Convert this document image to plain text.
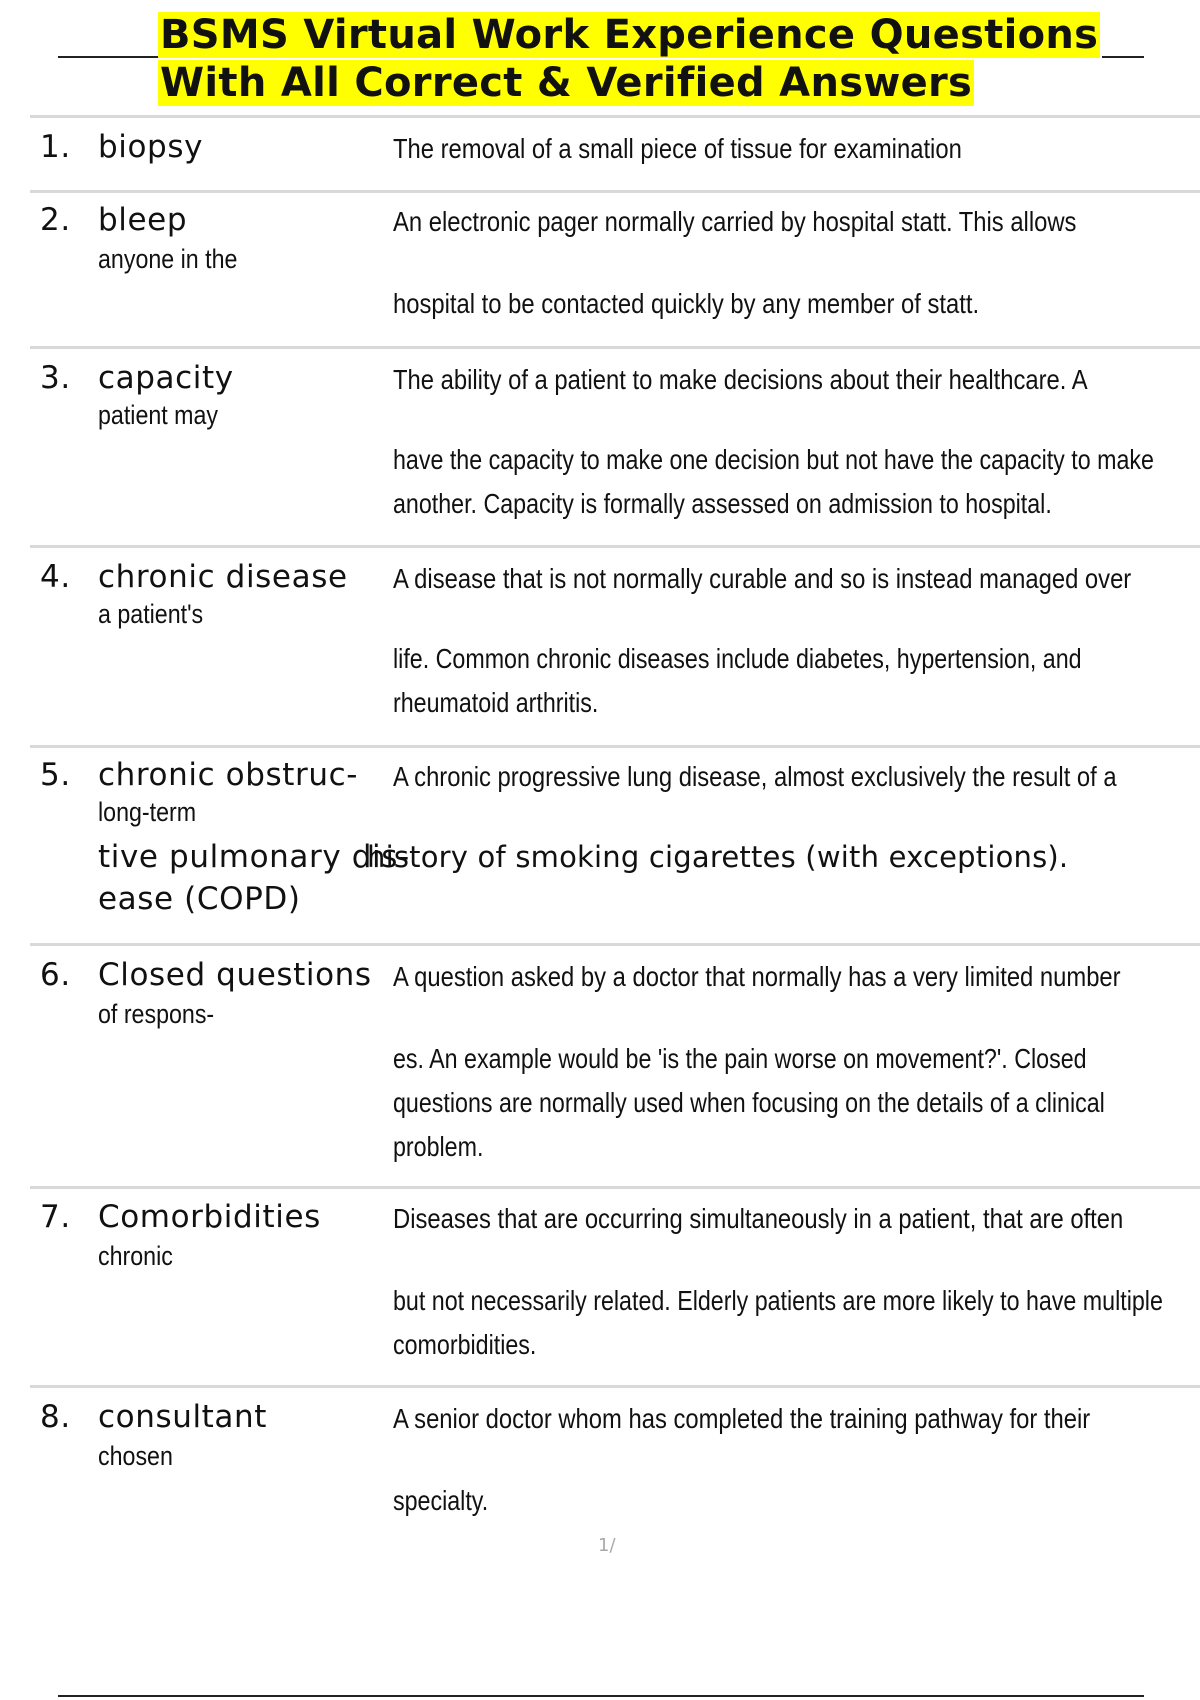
BSMS Virtual Work Experience Questions
With All Correct & Verified Answers
1. biopsy	The removal of a small piece of tissue for examination
2. bleep
anyone in the
An electronic pager normally carried by hospital statt. This allows
hospital to be contacted quickly by any member of statt.
3. capacity
patient may
The ability of a patient to make decisions about their healthcare. A
have the capacity to make one decision but not have the capacity to make
another. Capacity is formally assessed on admission to hospital.
4. chronic disease
a patient's
A disease that is not normally curable and so is instead managed over
life. Common chronic diseases include diabetes, hypertension, and
rheumatoid arthritis.
5. chronic obstruc-
long-term
tive pulmonary dis-
ease (COPD)
A chronic progressive lung disease, almost exclusively the result of a
history of smoking cigarettes (with exceptions).
6. Closed questions
of respons-
A question asked by a doctor that normally has a very limited number
es. An example would be 'is the pain worse on movement?'. Closed
questions are normally used when focusing on the details of a clinical
problem.
7. Comorbidities
chronic
Diseases that are occurring simultaneously in a patient, that are often
but not necessarily related. Elderly patients are more likely to have multiple
comorbidities.
8. consultant
chosen
A senior doctor whom has completed the training pathway for their
specialty.
1/
